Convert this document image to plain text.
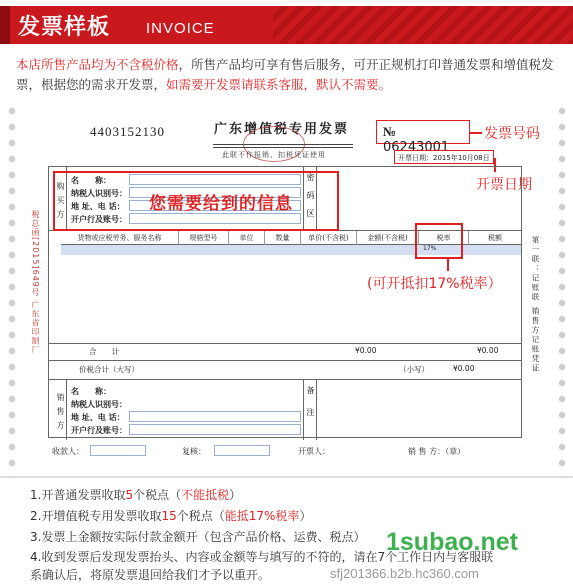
发票样板 INVOICE
本店所售产品均为不含税价格，所售产品均可享有售后服务，可开正规机打印普通发票和增值税发票，根据您的需求开发票，如需要开发票请联系客服，默认不需要。
4403152130	广东增值税专用发票
此联不作报销、扣税凭证使用
№ 06243001
发票号码
开票日期：2015年10月08日
开票日期
税总函[2015]649号 广东省印制厂	第一联：记账联 销售方记账凭证
购买方
名　　称：
纳税人识别号：
地 址、电 话：
开户行及账号：	密码区
您需要给到的信息
货物或应税劳务、服务名称	规格型号	单位	数量	单价(不含税)	金额(不含税)	税率	税额
17%
(可开抵扣17%税率）
合　　计	¥0.00	¥0.00
价税合计（大写）	（小写）	¥0.00
销售方
名　　称：
纳税人识别号：
地 址、电 话：
开户行及账号：
备注
收款人：	复核：	开票人：	销 售 方：（章）
1.开普通发票收取5个税点（不能抵税）
2.开增值税专用发票收取15个税点（能抵17%税率）
3.发票上金额按实际付款金额开（包含产品价格、运费、税点）
4.收到发票后发现发票抬头、内容或金额等与填写的不符的，请在7个工作日内与客服联
系确认后，将原发票退回给我们才予以重开。
1subao.net
sfj201366.b2b.hc360.com
